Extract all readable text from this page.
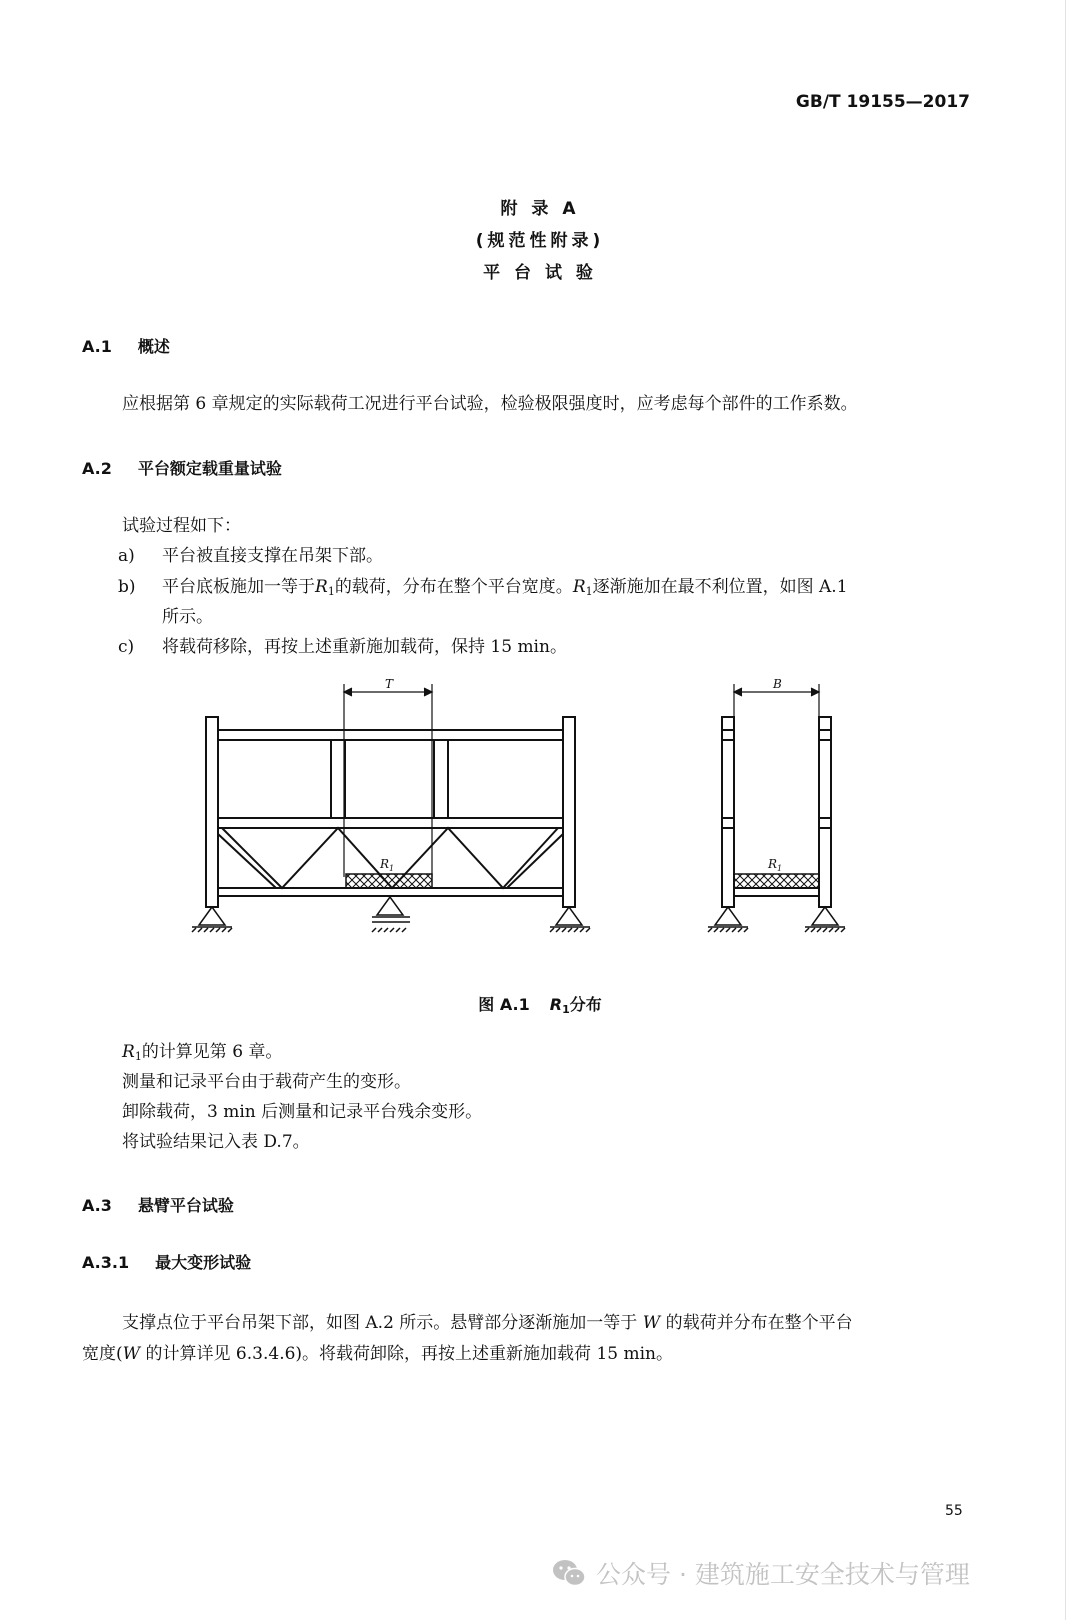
GB/T 19155—2017
附 录 A
(规范性附录)
平 台 试 验
A.1 概述
应根据第 6 章规定的实际载荷工况进行平台试验，检验极限强度时，应考虑每个部件的工作系数。
A.2 平台额定载重量试验
试验过程如下：
a) 平台被直接支撑在吊架下部。
b) 平台底板施加一等于$R_1$的载荷，分布在整个平台宽度。$R_1$逐渐施加在最不利位置，如图 A.1
所示。
c) 将载荷移除，再按上述重新施加载荷，保持 15 min。
T	B
$R_1$	$R_1$
图 A.1 $R_1$分布
$R_1$的计算见第 6 章。
测量和记录平台由于载荷产生的变形。
卸除载荷，3 min 后测量和记录平台残余变形。
将试验结果记入表 D.7。
A.3 悬臂平台试验
A.3.1 最大变形试验
支撑点位于平台吊架下部，如图 A.2 所示。悬臂部分逐渐施加一等于 W 的载荷并分布在整个平台
宽度(W 的计算详见 6.3.4.6)。将载荷卸除，再按上述重新施加载荷 15 min。
55
公众号 · 建筑施工安全技术与管理
